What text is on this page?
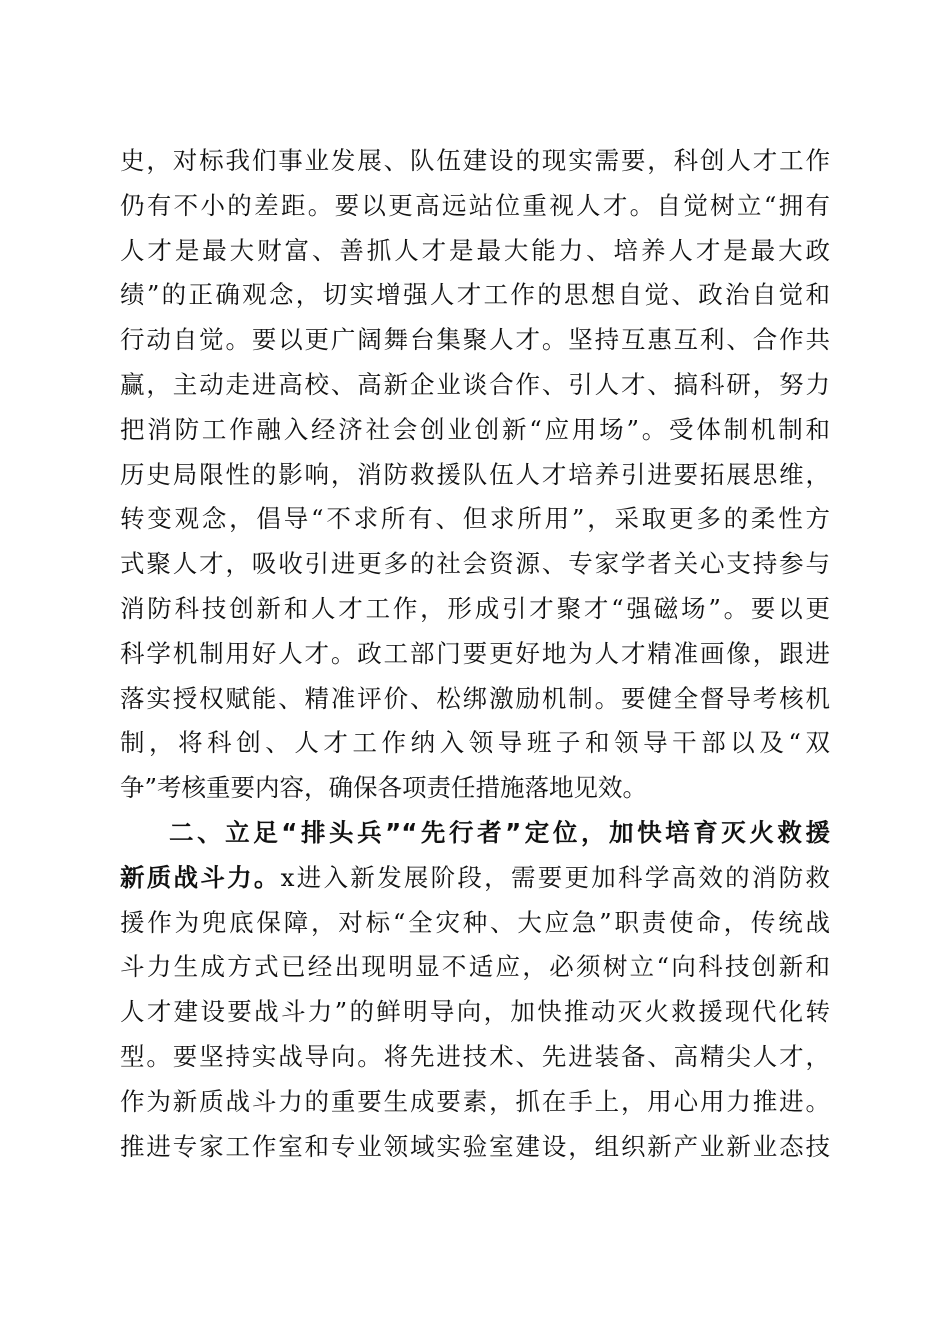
史，对标我们事业发展、队伍建设的现实需要，科创人才工作
仍有不小的差距。要以更高远站位重视人才。自觉树立“拥有
人才是最大财富、善抓人才是最大能力、培养人才是最大政
绩”的正确观念，切实增强人才工作的思想自觉、政治自觉和
行动自觉。要以更广阔舞台集聚人才。坚持互惠互利、合作共
赢，主动走进高校、高新企业谈合作、引人才、搞科研，努力
把消防工作融入经济社会创业创新“应用场”。受体制机制和
历史局限性的影响，消防救援队伍人才培养引进要拓展思维，
转变观念，倡导“不求所有、但求所用”，采取更多的柔性方
式聚人才，吸收引进更多的社会资源、专家学者关心支持参与
消防科技创新和人才工作，形成引才聚才“强磁场”。要以更
科学机制用好人才。政工部门要更好地为人才精准画像，跟进
落实授权赋能、精准评价、松绑激励机制。要健全督导考核机
制，将科创、人才工作纳入领导班子和领导干部以及“双
争”考核重要内容，确保各项责任措施落地见效。
二、立足“排头兵”“先行者”定位，加快培育灭火救援
新质战斗力。x进入新发展阶段，需要更加科学高效的消防救
援作为兜底保障，对标“全灾种、大应急”职责使命，传统战
斗力生成方式已经出现明显不适应，必须树立“向科技创新和
人才建设要战斗力”的鲜明导向，加快推动灭火救援现代化转
型。要坚持实战导向。将先进技术、先进装备、高精尖人才，
作为新质战斗力的重要生成要素，抓在手上，用心用力推进。
推进专家工作室和专业领域实验室建设，组织新产业新业态技
